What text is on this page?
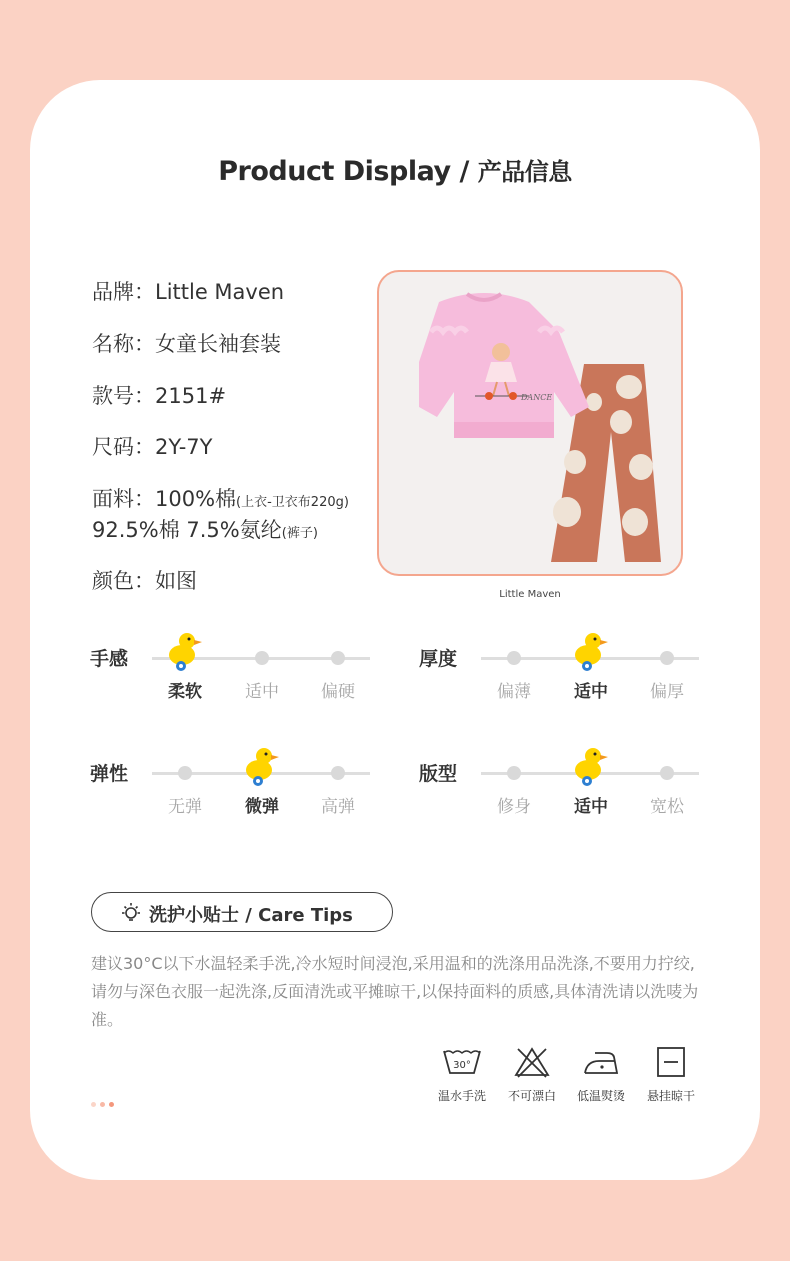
Product Display / 产品信息
品牌：Little Maven
名称：女童长袖套装
款号：2151#
尺码：2Y-7Y
面料：100%棉(上衣-卫衣布220g)
92.5%棉 7.5%氨纶(裤子)
颜色：如图
DANCE
Little Maven
手感
柔软	适中	偏硬
厚度
偏薄	适中	偏厚
弹性
无弹	微弹	高弹
版型
修身	适中	宽松
洗护小贴士 / Care Tips
建议30°C以下水温轻柔手洗,冷水短时间浸泡,采用温和的洗涤用品洗涤,不要用力拧绞,请勿与深色衣服一起洗涤,反面清洗或平摊晾干,以保持面料的质感,具体清洗请以洗唛为准。
30°
温水手洗	不可漂白	低温熨烫	悬挂晾干
